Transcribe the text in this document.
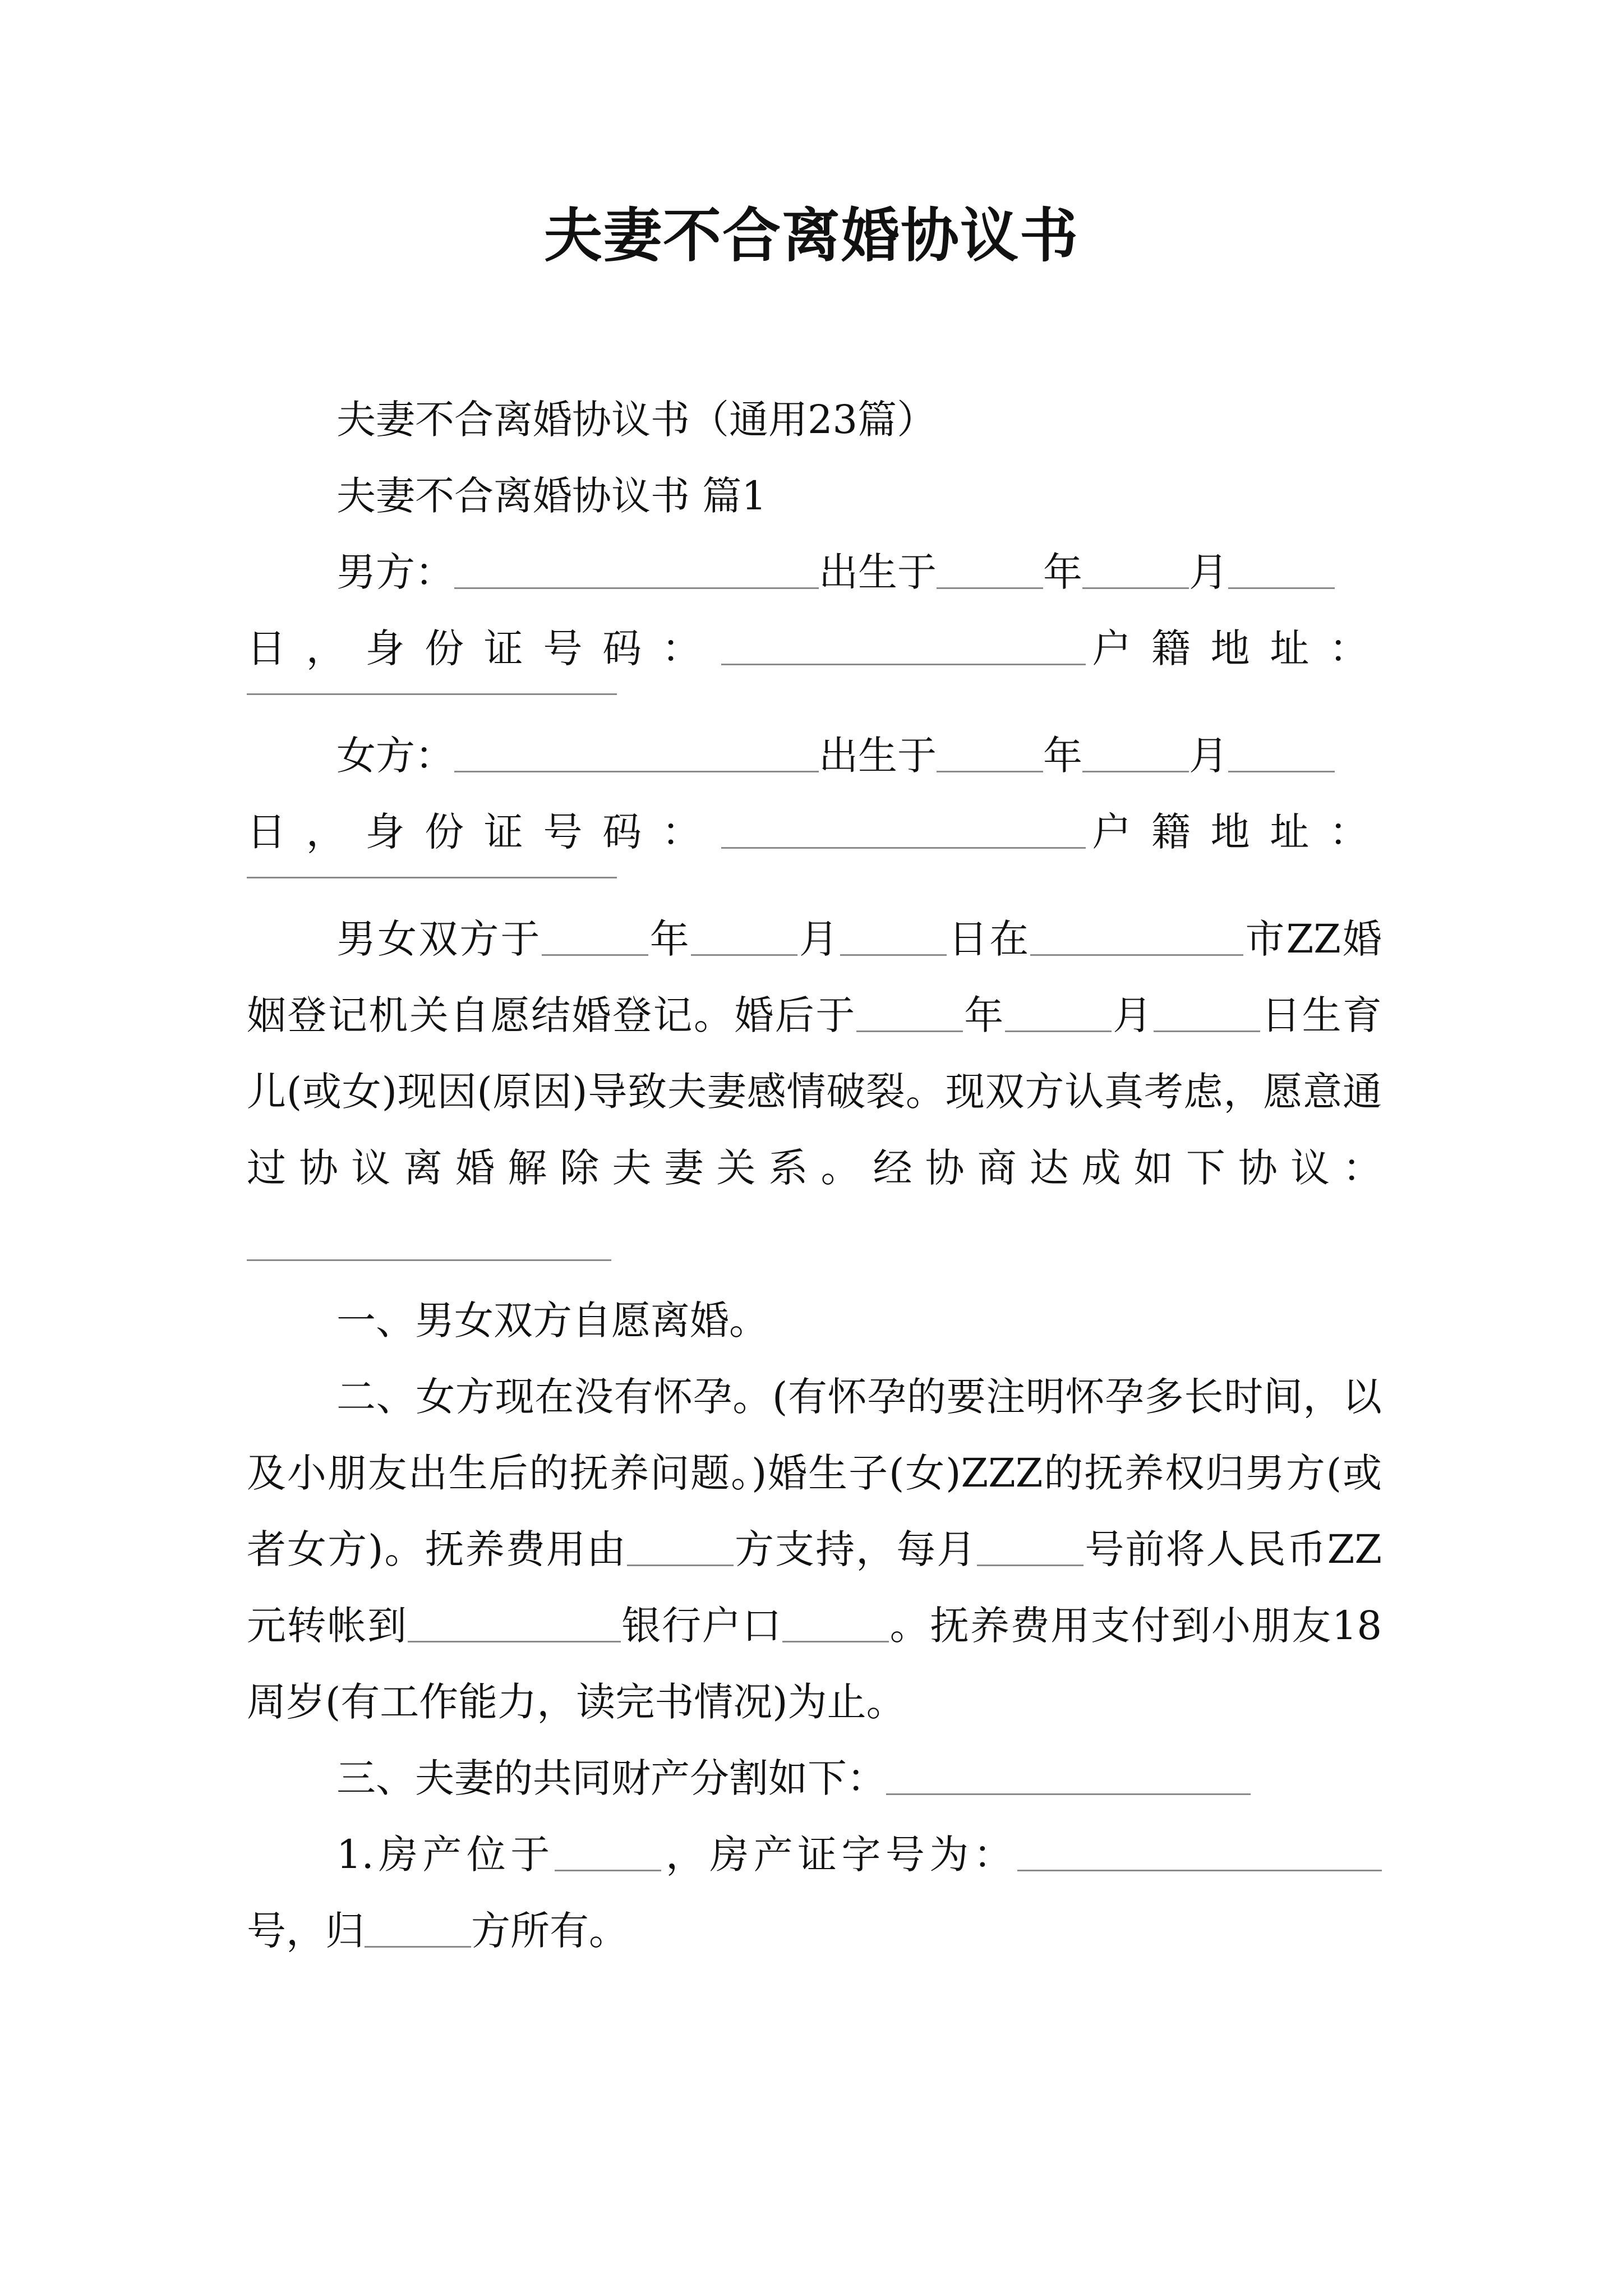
夫妻不合离婚协议书

夫妻不合离婚协议书（通用23篇）

夫妻不合离婚协议书 篇1

男方：	出生于	年	月

日，身份证号码：	户籍地址：

女方：	出生于	年	月

日，身份证号码：	户籍地址：

男女双方于	年	月	日在	市ZZ婚姻登记机关自愿结婚登记。婚后于	年	月	日生育儿(或女)现因(原因)导致夫妻感情破裂。现双方认真考虑，愿意通过协议离婚解除夫妻关系。经协商达成如下协议：

一、男女双方自愿离婚。

二、女方现在没有怀孕。(有怀孕的要注明怀孕多长时间，以及小朋友出生后的抚养问题。)婚生子(女)ZZZ的抚养权归男方(或者女方)。抚养费用由	方支持，每月	号前将人民币ZZ元转帐到	银行户口	。抚养费用支付到小朋友18周岁(有工作能力，读完书情况)为止。

三、夫妻的共同财产分割如下：

1.房产位于	，房产证字号为：号，归	方所有。
